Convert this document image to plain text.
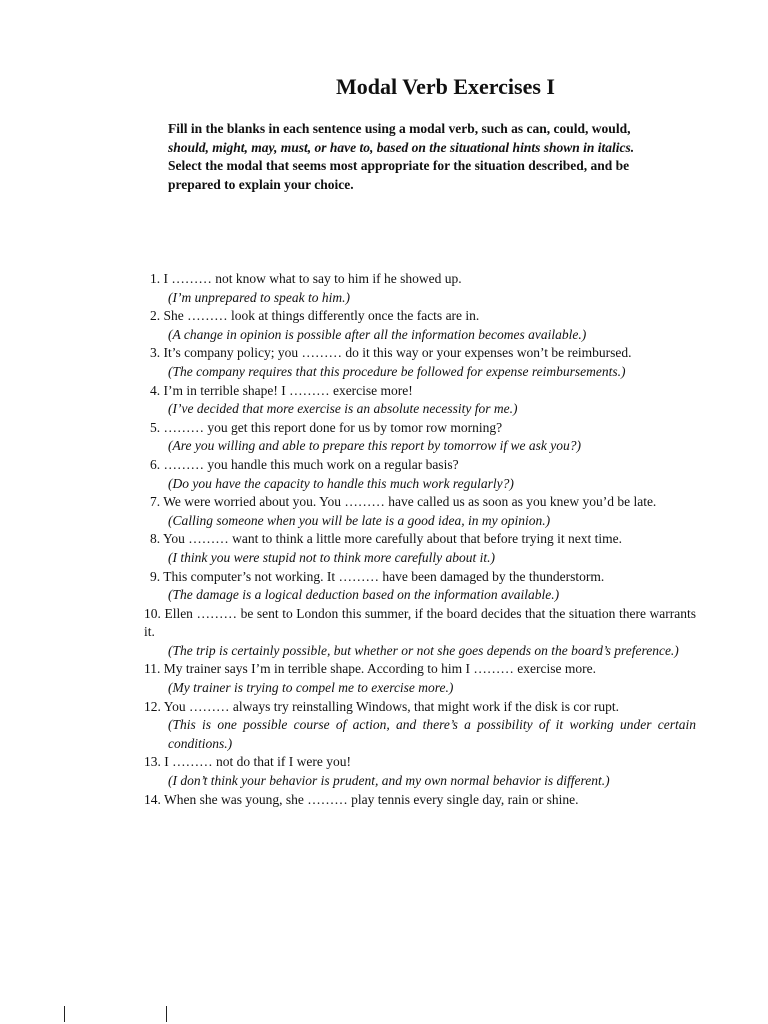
Modal Verb Exercises I

Fill in the blanks in each sentence using a modal verb, such as can, could, would,

should, might, may, must, or have to, based on the situational hints shown in italics.

Select the modal that seems most appropriate for the situation described, and be

prepared to explain your choice.

1. I ……… not know what to say to him if he showed up.
(I’m unprepared to speak to him.)
2. She ……… look at things differently once the facts are in.
(A change in opinion is possible after all the information becomes available.)
3. It’s company policy; you ……… do it this way or your expenses won’t be reimbursed.
(The company requires that this procedure be followed for expense reimbursements.)
4. I’m in terrible shape! I ……… exercise more!
(I’ve decided that more exercise is an absolute necessity for me.)
5. ……… you get this report done for us by tomor row morning?
(Are you willing and able to prepare this report by tomorrow if we ask you?)
6. ……… you handle this much work on a regular basis?
(Do you have the capacity to handle this much work regularly?)
7. We were worried about you. You ……… have called us as soon as you knew you’d be late.
(Calling someone when you will be late is a good idea, in my opinion.)
8. You ……… want to think a little more carefully about that before trying it next time.
(I think you were stupid not to think more carefully about it.)
9. This computer’s not working. It ……… have been damaged by the thunderstorm.
(The damage is a logical deduction based on the information available.)
10. Ellen ……… be sent to London this summer, if the board decides that the situation there warrants it.
(The trip is certainly possible, but whether or not she goes depends on the board’s preference.)
11. My trainer says I’m in terrible shape. According to him I ……… exercise more.
(My trainer is trying to compel me to exercise more.)
12. You ……… always try reinstalling Windows, that might work if the disk is cor rupt.
(This is one possible course of action, and there’s a possibility of it working under certain conditions.)
13. I ……… not do that if I were you!
(I don’t think your behavior is prudent, and my own normal behavior is different.)
14. When she was young, she ……… play tennis every single day, rain or shine.
